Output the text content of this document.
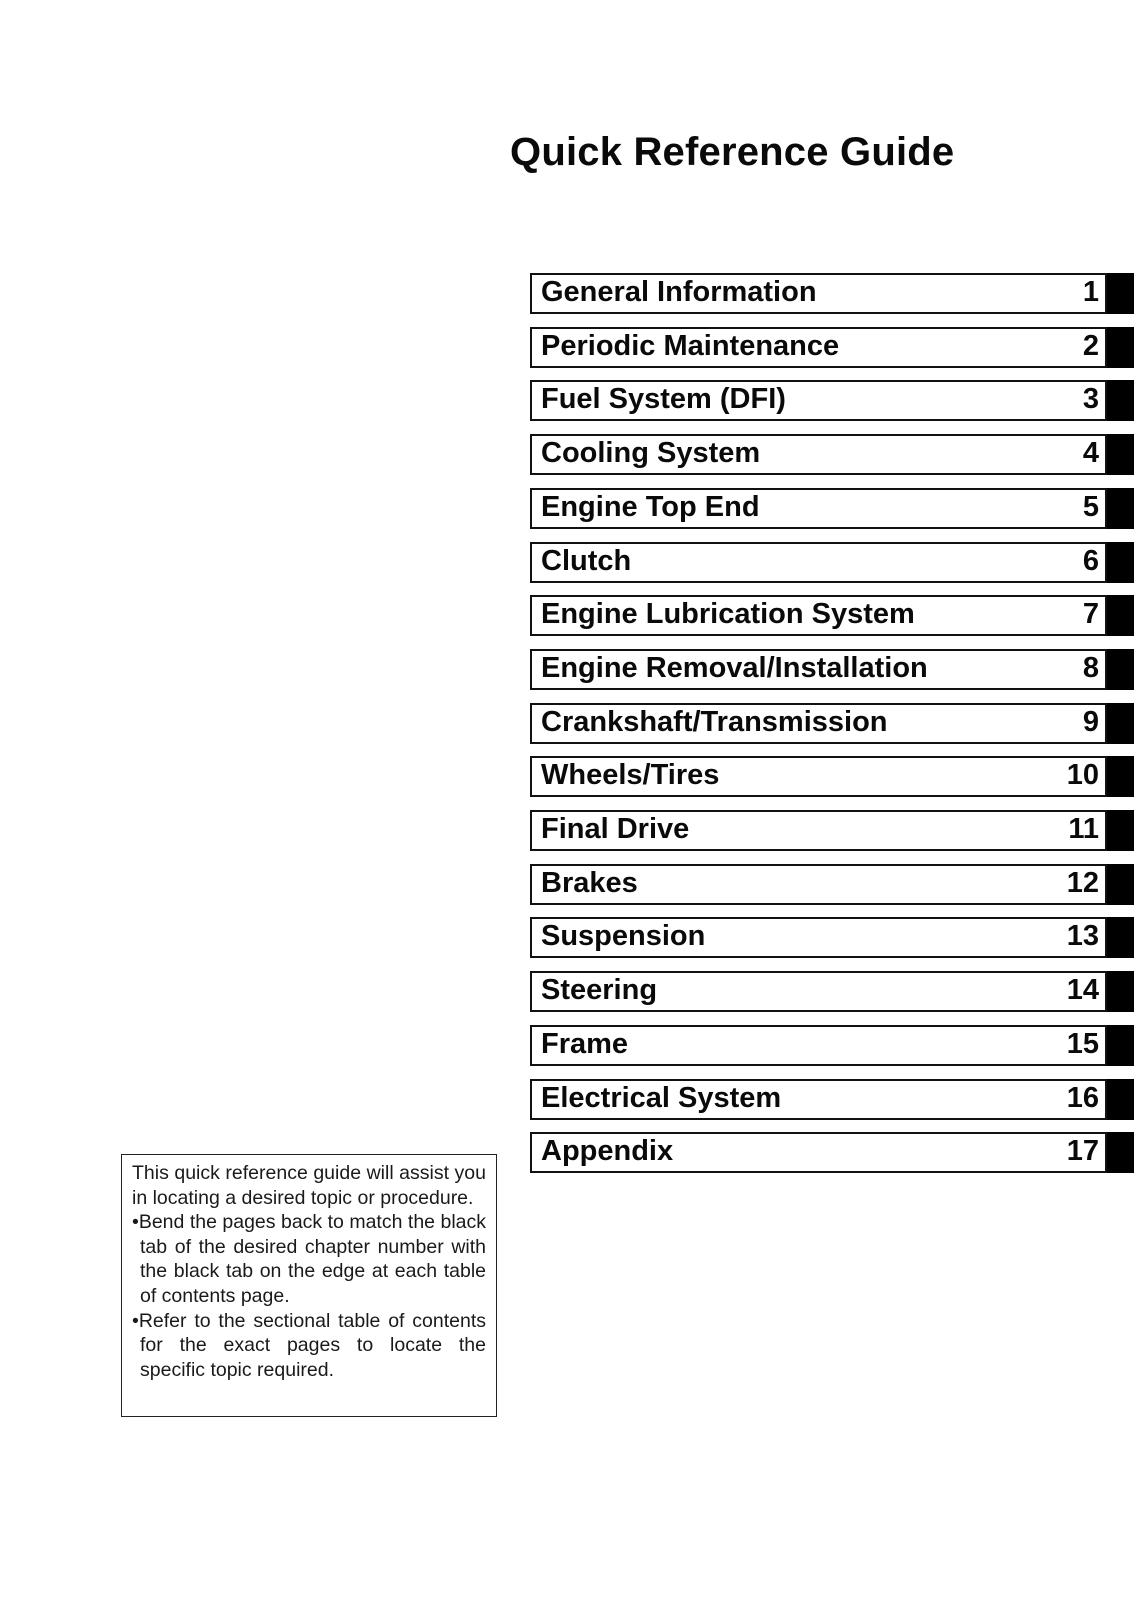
Quick Reference Guide
General Information	1
Periodic Maintenance	2
Fuel System (DFI)	3
Cooling System	4
Engine Top End	5
Clutch	6
Engine Lubrication System	7
Engine Removal/Installation	8
Crankshaft/Transmission	9
Wheels/Tires	10
Final Drive	11
Brakes	12
Suspension	13
Steering	14
Frame	15
Electrical System	16
Appendix	17

This quick reference guide will assist you in locating a desired topic or procedure.

•Bend the pages back to match the black tab of the desired chapter number with the black tab on the edge at each table of contents page.

•Refer to the sectional table of contents for the exact pages to locate the specific topic required.
